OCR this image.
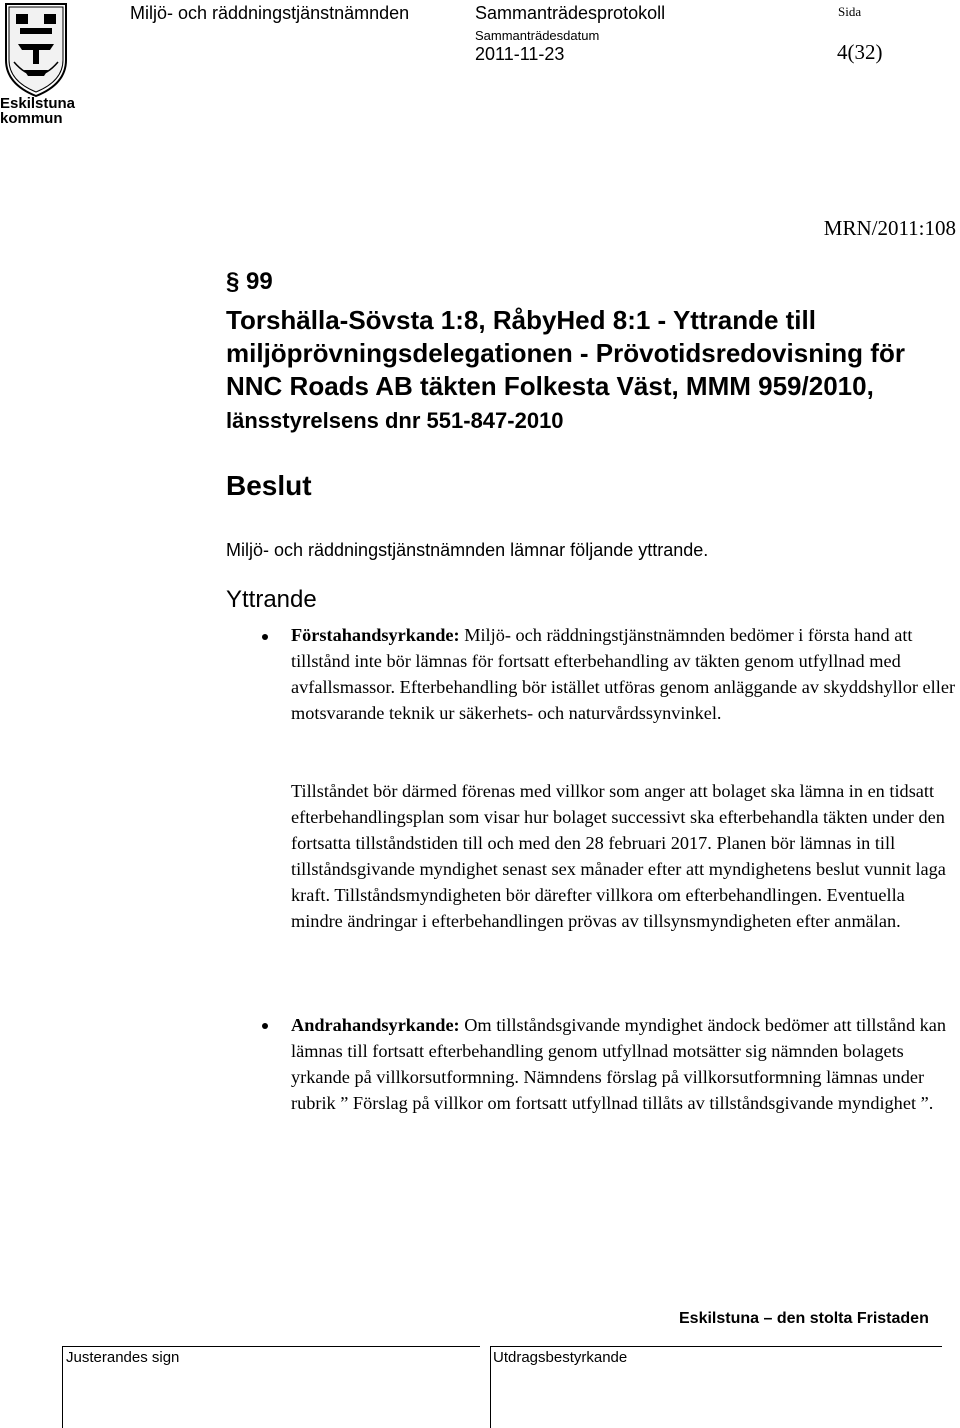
Eskilstuna
kommun
Miljö- och räddningstjänstnämnden	Sammanträdesprotokoll	Sida
Sammanträdesdatum
2011-11-23	4(32)
MRN/2011:108
§ 99
Torshälla-Sövsta 1:8, RåbyHed 8:1 - Yttrande till miljöprövningsdelegationen - Prövotidsredovisning för NNC Roads AB täkten Folkesta Väst, MMM 959/2010, länsstyrelsens dnr 551-847-2010
Beslut
Miljö- och räddningstjänstnämnden lämnar följande yttrande.
Yttrande
Förstahandsyrkande: Miljö- och räddningstjänstnämnden bedömer i första hand att tillstånd inte bör lämnas för fortsatt efterbehandling av täkten genom utfyllnad med avfallsmassor. Efterbehandling bör istället utföras genom anläggande av skyddshyllor eller motsvarande teknik ur säkerhets- och naturvårdssynvinkel.
Tillståndet bör därmed förenas med villkor som anger att bolaget ska lämna in en tidsatt efterbehandlingsplan som visar hur bolaget successivt ska efterbehandla täkten under den fortsatta tillståndstiden till och med den 28 februari 2017. Planen bör lämnas in till tillståndsgivande myndighet senast sex månader efter att myndighetens beslut vunnit laga kraft. Tillståndsmyndigheten bör därefter villkora om efterbehandlingen. Eventuella mindre ändringar i efterbehandlingen prövas av tillsynsmyndigheten efter anmälan.
Andrahandsyrkande: Om tillståndsgivande myndighet ändock bedömer att tillstånd kan lämnas till fortsatt efterbehandling genom utfyllnad motsätter sig nämnden bolagets yrkande på villkorsutformning. Nämndens förslag på villkorsutformning lämnas under rubrik ” Förslag på villkor om fortsatt utfyllnad tillåts av tillståndsgivande myndighet ”.
Eskilstuna – den stolta Fristaden
Justerandes sign	Utdragsbestyrkande
